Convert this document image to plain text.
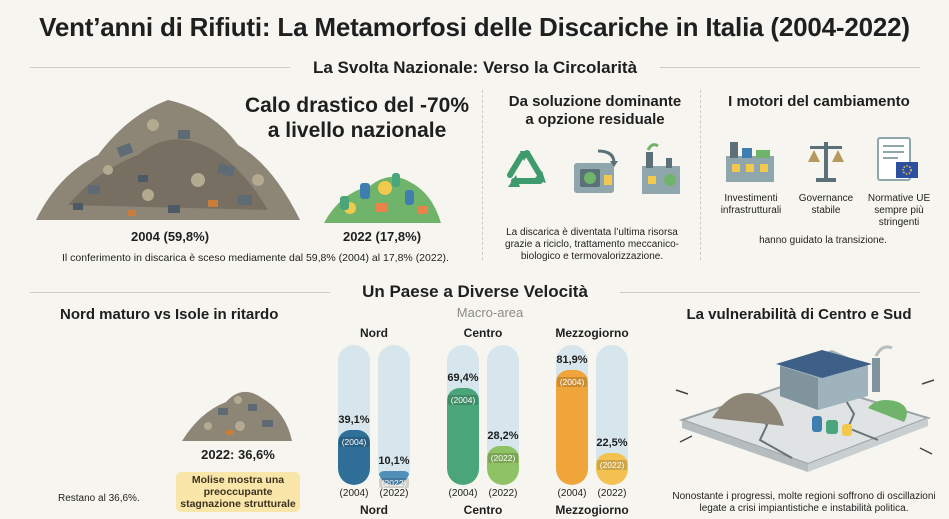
Vent’anni di Rifiuti: La Metamorfosi delle Discariche in Italia (2004-2022)
La Svolta Nazionale: Verso la Circolarità
Calo drastico del -70%
a livello nazionale
2004 (59,8%)	2022 (17,8%)
Il conferimento in discarica è sceso mediamente dal 59,8% (2004) al 17,8% (2022).
Da soluzione dominante
a opzione residuale
La discarica è diventata l’ultima risorsa
grazie a riciclo, trattamento meccanico-
biologico e termovalorizzazione.
I motori del cambiamento
Investimenti
infrastrutturali
Governance
stabile
Normative UE
sempre più
stringenti
hanno guidato la transizione.
Un Paese a Diverse Velocità
Nord maturo vs Isole in ritardo
2022: 36,6%
Molise mostra una
preoccupante
stagnazione strutturale
Restano al 36,6%.
Macro-area
Nord
Nord
39,1%
(2004)
(2004)
10,1%
(2022)
(2022)
Centro
Centro
69,4%
(2004)
(2004)
28,2%
(2022)
(2022)
Mezzogiorno
Mezzogiorno
81,9%
(2004)
(2004)
22,5%
(2022)
(2022)
La vulnerabilità di Centro e Sud
Nonostante i progressi, molte regioni soffrono di oscillazioni
legate a crisi impiantistiche e instabilità politica.
